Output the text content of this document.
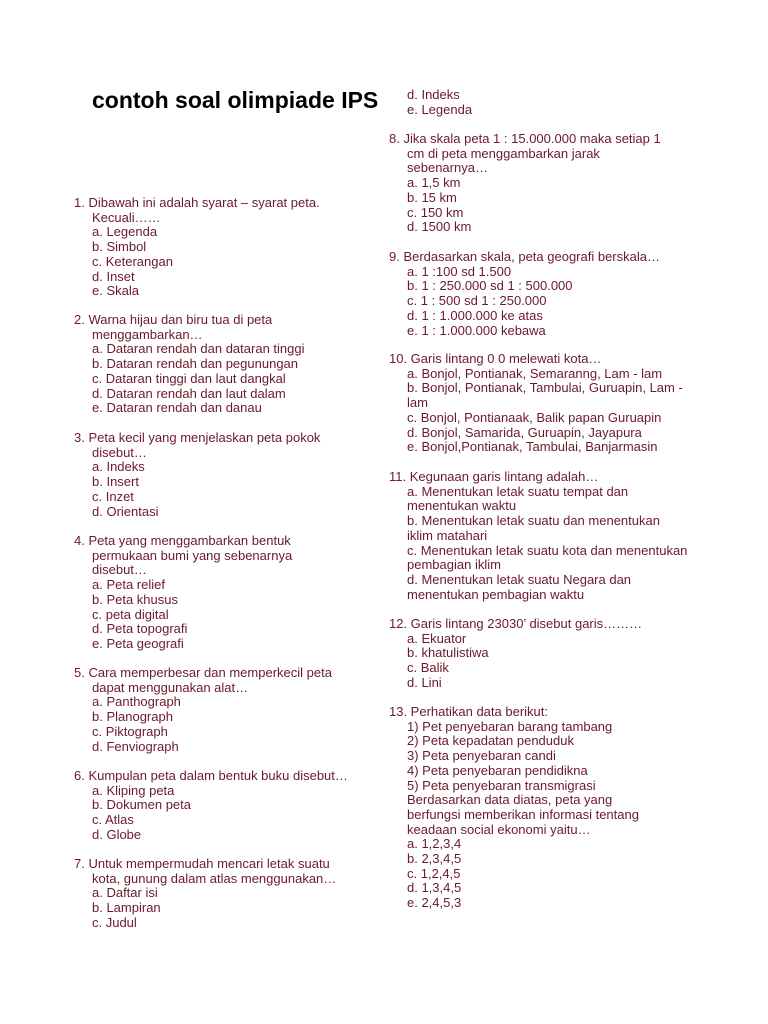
contoh soal olimpiade IPS
1. Dibawah ini adalah syarat – syarat peta. Kecuali……
a. Legenda
b. Simbol
c. Keterangan
d. Inset
e. Skala
2. Warna hijau dan biru tua di peta menggambarkan…
a. Dataran rendah dan dataran tinggi
b. Dataran rendah dan pegunungan
c. Dataran tinggi dan laut dangkal
d. Dataran rendah dan laut dalam
e. Dataran rendah dan danau
3. Peta kecil yang menjelaskan peta pokok disebut…
a. Indeks
b. Insert
c. Inzet
d. Orientasi
4. Peta yang menggambarkan bentuk permukaan bumi yang sebenarnya disebut…
a. Peta relief
b. Peta khusus
c. peta digital
d. Peta topografi
e. Peta geografi
5. Cara memperbesar dan memperkecil peta dapat menggunakan alat…
a. Panthograph
b. Planograph
c. Piktograph
d. Fenviograph
6. Kumpulan peta dalam bentuk buku disebut…
a. Kliping peta
b. Dokumen peta
c. Atlas
d. Globe
7. Untuk mempermudah mencari letak suatu kota, gunung dalam atlas menggunakan…
a. Daftar isi
b. Lampiran
c. Judul
d. Indeks
e. Legenda
8. Jika skala peta 1 : 15.000.000 maka setiap 1 cm di peta menggambarkan jarak sebenarnya…
a. 1,5 km
b. 15 km
c. 150 km
d. 1500 km
9. Berdasarkan skala, peta geografi berskala…
a. 1 :100 sd 1.500
b. 1 : 250.000 sd 1 : 500.000
c. 1 : 500 sd 1 : 250.000
d. 1 : 1.000.000 ke atas
e. 1 : 1.000.000 kebawa
10. Garis lintang 0 0 melewati kota…
a. Bonjol, Pontianak, Semaranng, Lam - lam
b. Bonjol, Pontianak, Tambulai, Guruapin, Lam - lam
c. Bonjol, Pontianaak, Balik papan Guruapin
d. Bonjol, Samarida, Guruapin, Jayapura
e. Bonjol,Pontianak, Tambulai, Banjarmasin
11. Kegunaan garis lintang adalah…
a. Menentukan letak suatu tempat dan menentukan waktu
b. Menentukan letak suatu dan menentukan iklim matahari
c. Menentukan letak suatu kota dan menentukan pembagian iklim
d. Menentukan letak suatu Negara dan menentukan pembagian waktu
12. Garis lintang 23030’ disebut garis………
a. Ekuator
b. khatulistiwa
c. Balik
d. Lini
13. Perhatikan data berikut:
1) Pet penyebaran barang tambang
2) Peta kepadatan penduduk
3) Peta penyebaran candi
4) Peta penyebaran pendidikna
5) Peta penyebaran transmigrasi
Berdasarkan data diatas, peta yang berfungsi memberikan informasi tentang keadaan social ekonomi yaitu…
a. 1,2,3,4
b. 2,3,4,5
c. 1,2,4,5
d. 1,3,4,5
e. 2,4,5,3
